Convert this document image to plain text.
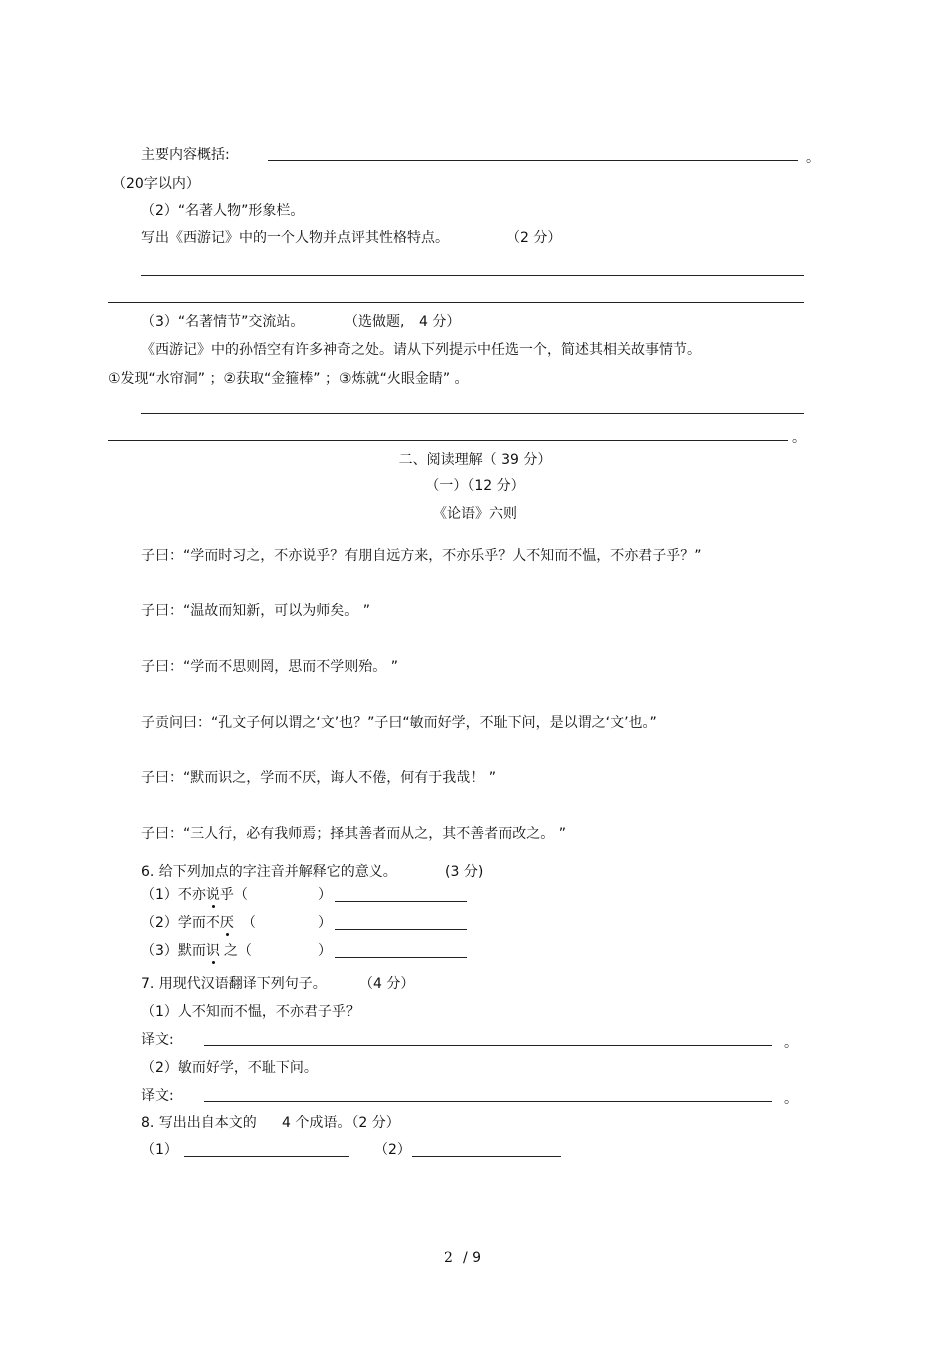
主要内容概括:	。
（20字以内）
（2）“名著人物”形象栏。
写出《西游记》中的一个人物并点评其性格特点。	（2 分）
（3）“名著情节”交流站。	（选做题, 4 分）
《西游记》中的孙悟空有许多神奇之处。请从下列提示中任选一个，简述其相关故事情节。
①发现“水帘洞” ；②获取“金箍棒” ；③炼就“火眼金睛” 。
。
二、阅读理解（ 39 分）
（一）（12 分）
《论语》六则
子曰：“学而时习之，不亦说乎？有朋自远方来，不亦乐乎？人不知而不愠，不亦君子乎？”
子曰：“温故而知新，可以为师矣。 ”
子曰：“学而不思则罔，思而不学则殆。 ”
子贡问曰：“孔文子何以谓之‘文’也？”子曰“敏而好学，不耻下问，是以谓之‘文’也。”
子曰：“默而识之，学而不厌，诲人不倦，何有于我哉！ ”
子曰：“三人行，必有我师焉；择其善者而从之，其不善者而改之。 ”
6. 给下列加点的字注音并解释它的意义。	(3 分)
（1）不亦说乎（	）
（2）学而不厌 （	）
（3）默而识 之（	）
7. 用现代汉语翻译下列句子。 （4 分）
（1）人不知而不愠，不亦君子乎？
译文:	。
（2）敏而好学，不耻下问。
译文:	。
8. 写出出自本文的 4 个成语。（2 分）
（1）	（2）
2 / 9
